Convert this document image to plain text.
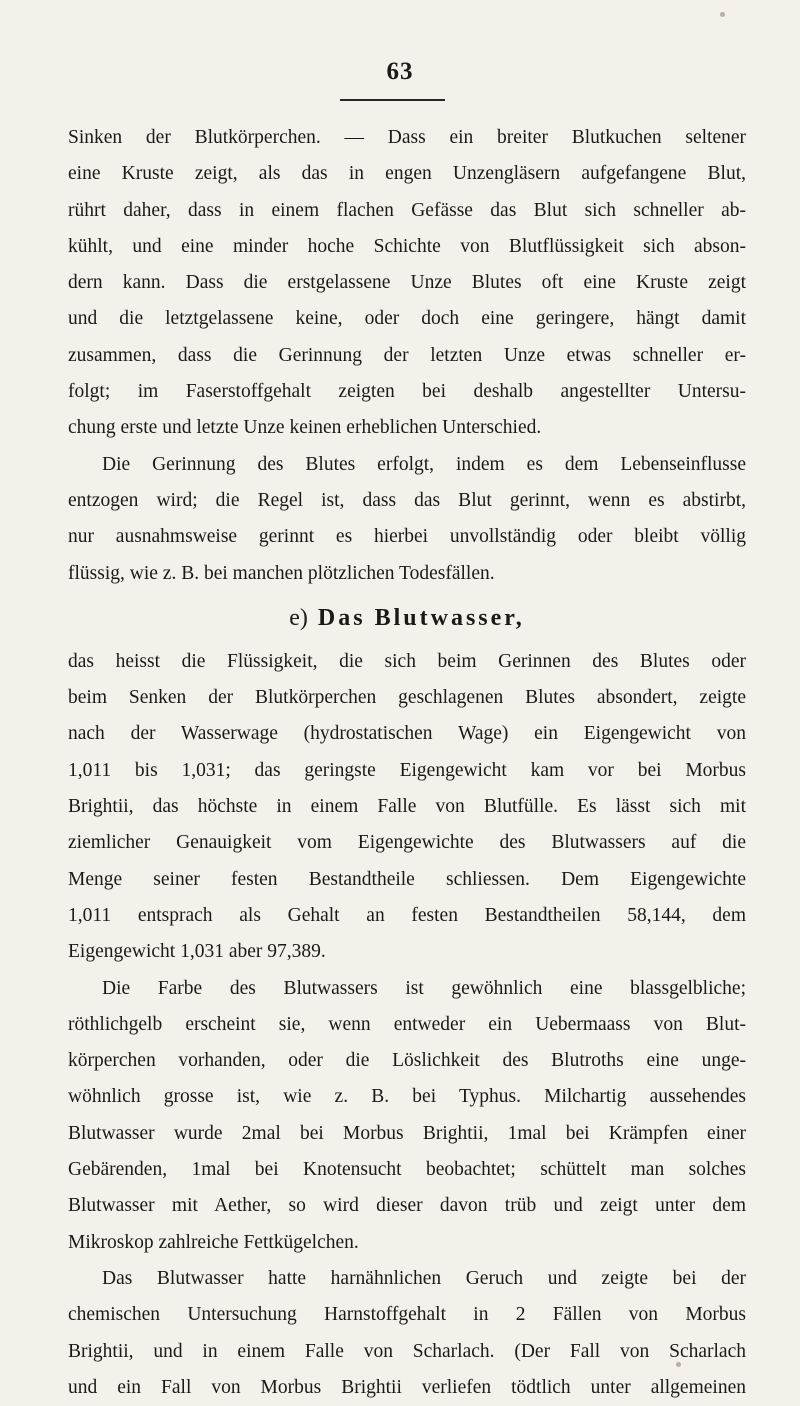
63
Sinken der Blutkörperchen. — Dass ein breiter Blutkuchen seltener
eine Kruste zeigt, als das in engen Unzengläsern aufgefangene Blut,
rührt daher, dass in einem flachen Gefässe das Blut sich schneller ab-
kühlt, und eine minder hoche Schichte von Blutflüssigkeit sich abson-
dern kann. Dass die erstgelassene Unze Blutes oft eine Kruste zeigt
und die letztgelassene keine, oder doch eine geringere, hängt damit
zusammen, dass die Gerinnung der letzten Unze etwas schneller er-
folgt; im Faserstoffgehalt zeigten bei deshalb angestellter Untersu-
chung erste und letzte Unze keinen erheblichen Unterschied.
Die Gerinnung des Blutes erfolgt, indem es dem Lebenseinflusse
entzogen wird; die Regel ist, dass das Blut gerinnt, wenn es abstirbt,
nur ausnahmsweise gerinnt es hierbei unvollständig oder bleibt völlig
flüssig, wie z. B. bei manchen plötzlichen Todesfällen.
e) Das Blutwasser,
das heisst die Flüssigkeit, die sich beim Gerinnen des Blutes oder
beim Senken der Blutkörperchen geschlagenen Blutes absondert, zeigte
nach der Wasserwage (hydrostatischen Wage) ein Eigengewicht von
1,011 bis 1,031; das geringste Eigengewicht kam vor bei Morbus
Brightii, das höchste in einem Falle von Blutfülle. Es lässt sich mit
ziemlicher Genauigkeit vom Eigengewichte des Blutwassers auf die
Menge seiner festen Bestandtheile schliessen. Dem Eigengewichte
1,011 entsprach als Gehalt an festen Bestandtheilen 58,144, dem
Eigengewicht 1,031 aber 97,389.
Die Farbe des Blutwassers ist gewöhnlich eine blassgelbliche;
röthlichgelb erscheint sie, wenn entweder ein Uebermaass von Blut-
körperchen vorhanden, oder die Löslichkeit des Blutroths eine unge-
wöhnlich grosse ist, wie z. B. bei Typhus. Milchartig aussehendes
Blutwasser wurde 2mal bei Morbus Brightii, 1mal bei Krämpfen einer
Gebärenden, 1mal bei Knotensucht beobachtet; schüttelt man solches
Blutwasser mit Aether, so wird dieser davon trüb und zeigt unter dem
Mikroskop zahlreiche Fettkügelchen.
Das Blutwasser hatte harnähnlichen Geruch und zeigte bei der
chemischen Untersuchung Harnstoffgehalt in 2 Fällen von Morbus
Brightii, und in einem Falle von Scharlach. (Der Fall von Scharlach
und ein Fall von Morbus Brightii verliefen tödtlich unter allgemeinen
